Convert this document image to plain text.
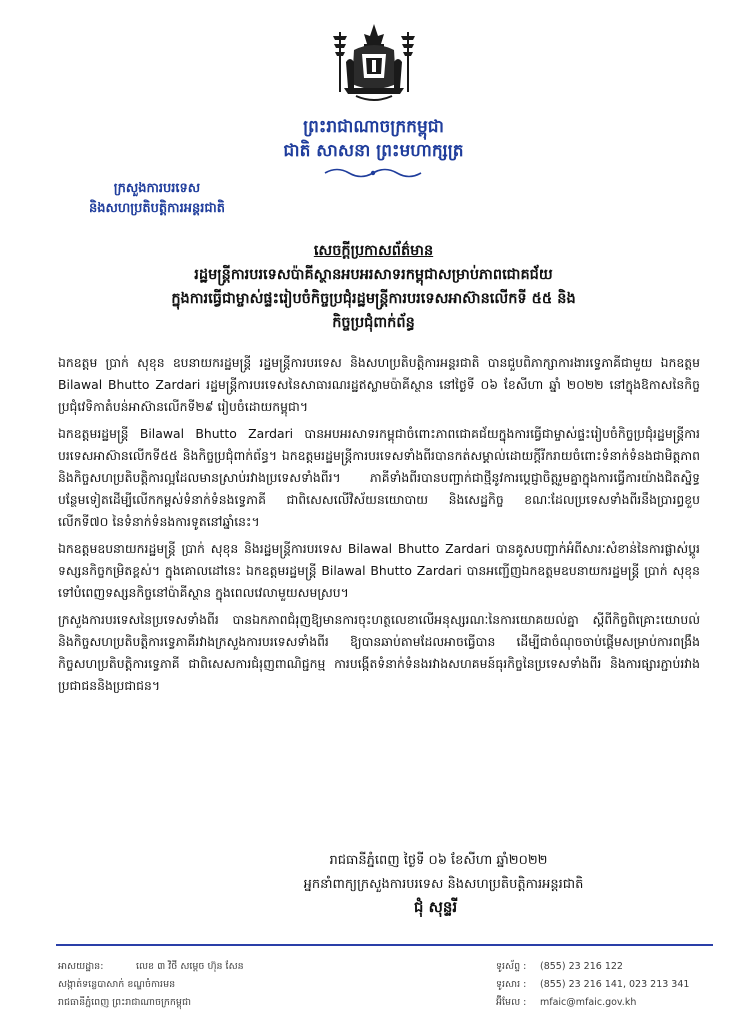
ព្រះរាជាណាចក្រកម្ពុជា
ជាតិ សាសនា ព្រះមហាក្សត្រ
ក្រសួងការបរទេស
និងសហប្រតិបត្តិការអន្តរជាតិ
សេចក្តីប្រកាសព័ត៌មាន
រដ្ឋមន្ត្រីការបរទេសប៉ាគីស្ថានអបអរសាទរកម្ពុជាសម្រាប់ភាពជោគជ័យ
ក្នុងការធ្វើជាម្ចាស់ផ្ទះរៀបចំកិច្ចប្រជុំរដ្ឋមន្ត្រីការបរទេសអាស៊ានលើកទី ៥៥ និង
កិច្ចប្រជុំពាក់ព័ន្ធ

ឯកឧត្តម ប្រាក់ សុខុន ឧបនាយករដ្ឋមន្ត្រី រដ្ឋមន្ត្រីការបរទេស និងសហប្រតិបត្តិការអន្តរជាតិ បានជួបពិភាក្សាការងារទ្វេភាគីជាមួយ ឯកឧត្តម Bilawal Bhutto Zardari រដ្ឋមន្ត្រីការបរទេសនៃសាធារណរដ្ឋឥស្លាមប៉ាគីស្ថាន នៅថ្ងៃទី ០៦ ខែសីហា ឆ្នាំ ២០២២ នៅក្នុងឱកាសនៃកិច្ចប្រជុំវេទិកាតំបន់អាស៊ានលើកទី២៩ រៀបចំដោយកម្ពុជា។

ឯកឧត្តមរដ្ឋមន្ត្រី Bilawal Bhutto Zardari បានអបអរសាទរកម្ពុជាចំពោះភាពជោគជ័យក្នុងការធ្វើជាម្ចាស់ផ្ទះរៀបចំកិច្ចប្រជុំរដ្ឋមន្ត្រីការបរទេសអាស៊ានលើកទី៥៥ និងកិច្ចប្រជុំពាក់ព័ន្ធ។ ឯកឧត្តមរដ្ឋមន្ត្រីការបរទេសទាំងពីរបានកត់សម្គាល់ដោយក្តីរីករាយចំពោះទំនាក់ទំនងជាមិត្តភាព និងកិច្ចសហប្រតិបត្តិការល្អដែលមានស្រាប់រវាងប្រទេសទាំងពីរ។ ភាគីទាំងពីរបានបញ្ជាក់ជាថ្មីនូវការប្តេជ្ញាចិត្តរួមគ្នាក្នុងការធ្វើការយ៉ាងជិតស្និទ្ធបន្ថែមទៀតដើម្បីលើកកម្ពស់ទំនាក់ទំនងទ្វេភាគី ជាពិសេសលើវិស័យនយោបាយ និងសេដ្ឋកិច្ច ខណៈដែលប្រទេសទាំងពីរនឹងប្រារព្ធខួបលើកទី៧០ នៃទំនាក់ទំនងការទូតនៅឆ្នាំនេះ។

ឯកឧត្តមឧបនាយករដ្ឋមន្ត្រី ប្រាក់ សុខុន និងរដ្ឋមន្ត្រីការបរទេស Bilawal Bhutto Zardari បានគូសបញ្ជាក់អំពីសារៈសំខាន់នៃការផ្លាស់ប្តូរទស្សនកិច្ចកម្រិតខ្ពស់។ ក្នុងគោលដៅនេះ ឯកឧត្តមរដ្ឋមន្ត្រី Bilawal Bhutto Zardari បានអញ្ជើញឯកឧត្តមឧបនាយករដ្ឋមន្ត្រី ប្រាក់ សុខុន ទៅបំពេញទស្សនកិច្ចនៅប៉ាគីស្ថាន ក្នុងពេលវេលាមួយសមស្រប។

ក្រសួងការបរទេសនៃប្រទេសទាំងពីរ បានឯកភាពជំរុញឱ្យមានការចុះហត្ថលេខាលើអនុស្សរណៈនៃការយោគយល់គ្នា ស្តីពីកិច្ចពិគ្រោះយោបល់ និងកិច្ចសហប្រតិបត្តិការទ្វេភាគីរវាងក្រសួងការបរទេសទាំងពីរ ឱ្យបានឆាប់តាមដែលអាចធ្វើបាន ដើម្បីជាចំណុចចាប់ផ្តើមសម្រាប់ការពង្រឹងកិច្ចសហប្រតិបត្តិការទ្វេភាគី ជាពិសេសការជំរុញពាណិជ្ជកម្ម ការបង្កើតទំនាក់ទំនងរវាងសហគមន៍ធុរកិច្ចនៃប្រទេសទាំងពីរ និងការផ្សារភ្ជាប់រវាងប្រជាជននិងប្រជាជន។

រាជធានីភ្នំពេញ ថ្ងៃទី ០៦ ខែសីហា ឆ្នាំ២០២២
អ្នកនាំពាក្យក្រសួងការបរទេស និងសហប្រតិបត្តិការអន្តរជាតិ
ជុំ សុន្ទរី
អាសយដ្ឋាន:	លេខ ៣ វិថី សម្តេច ហ៊ុន សែន
សង្កាត់ទន្លេបាសាក់ ខណ្ឌចំការមន
រាជធានីភ្នំពេញ ព្រះរាជាណាចក្រកម្ពុជា
ទូរស័ព្ទ : (855) 23 216 122
ទូរសារ : (855) 23 216 141, 023 213 341
អ៊ីមែល : mfaic@mfaic.gov.kh
